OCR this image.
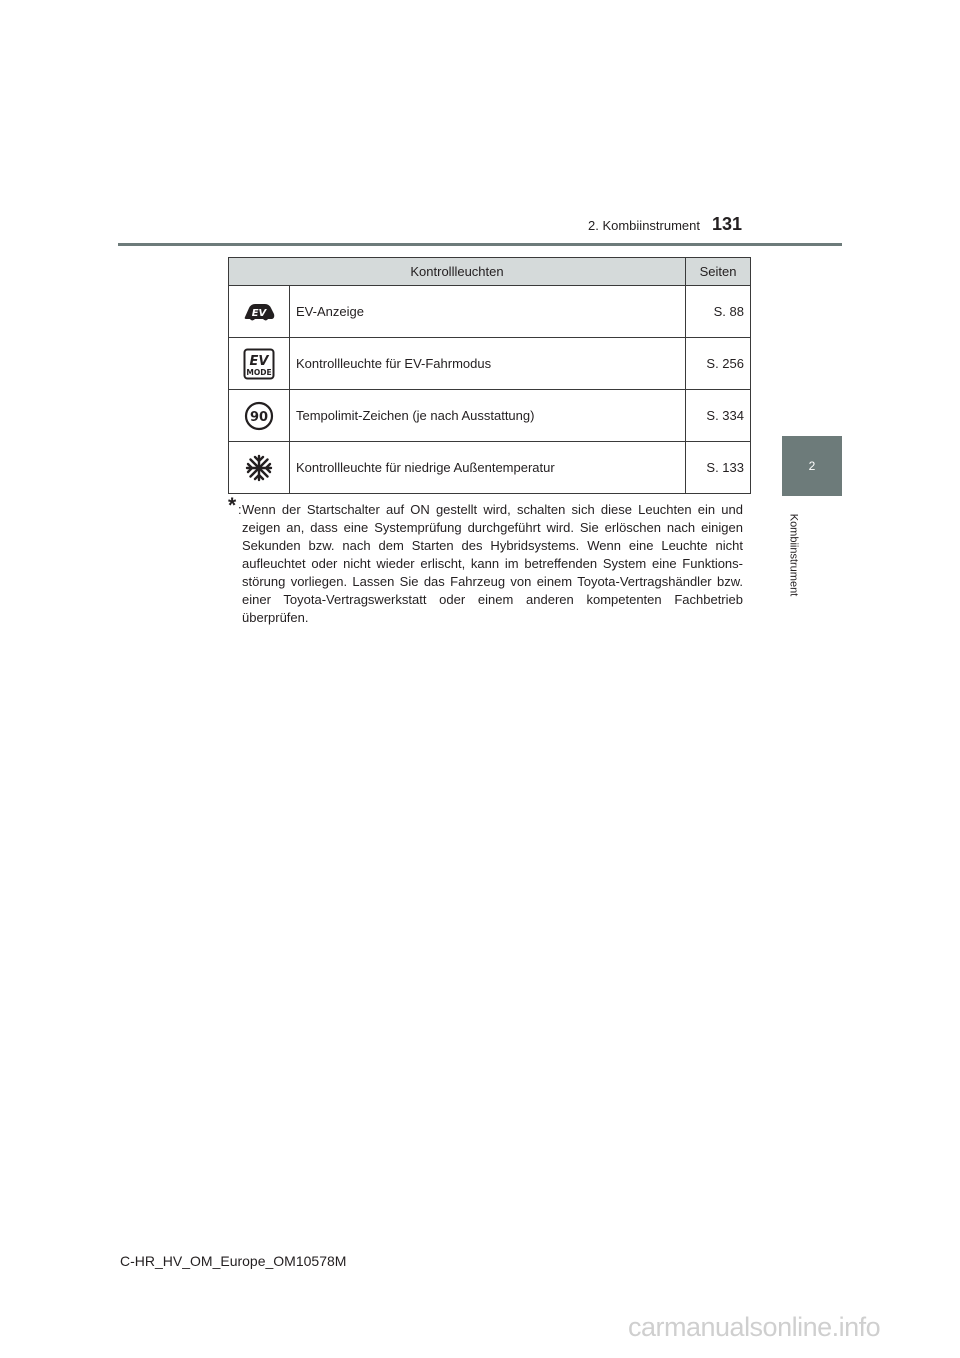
2. Kombiinstrument 131
2
Kombiinstrument
Kontrollleuchten		Seiten

EV	EV-Anzeige	S. 88

EV
MODE	Kontrollleuchte für EV-Fahrmodus	S. 256

90	Tempolimit-Zeichen (je nach Ausstattung)	S. 334
	Kontrollleuchte für niedrige Außentemperatur	S. 133
* : Wenn der Startschalter auf ON gestellt wird, schalten sich diese Leuchten ein und zeigen an, dass eine Systemprüfung durchgeführt wird. Sie erlöschen nach einigen Sekunden bzw. nach dem Starten des Hybridsystems. Wenn eine Leuchte nicht aufleuchtet oder nicht wieder erlischt, kann im betreffenden System eine Funktions-störung vorliegen. Lassen Sie das Fahrzeug von einem Toyota-Vertragshändler bzw. einer Toyota-Vertragswerkstatt oder einem anderen kompetenten Fachbetrieb überprüfen.
C-HR_HV_OM_Europe_OM10578M
carmanualsonline.info
